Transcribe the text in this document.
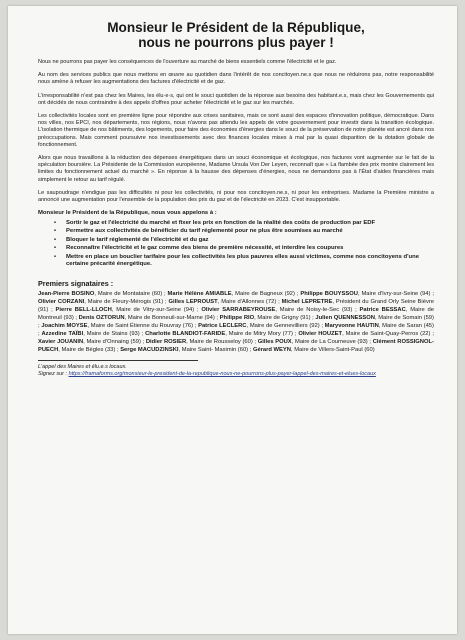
Monsieur le Président de la République,
nous ne pourrons plus payer !

Nous ne pourrons pas payer les conséquences de l'ouverture au marché de biens essentiels comme l'électricité et le gaz.

Au nom des services publics que nous mettons en œuvre au quotidien dans l'intérêt de nos concitoyen.ne.s que nous ne réduirons pas, notre responsabilité nous amène à refuser les augmentations des factures d'électricité et de gaz.

L'irresponsabilité n'est pas chez les Maires, les élu·e·s, qui ont le souci quotidien de la réponse aux besoins des habitant.e.s, mais chez les Gouvernements qui ont décidés de nous contraindre à des appels d'offres pour acheter l'électricité et le gaz sur les marchés.

Les collectivités locales sont en première ligne pour répondre aux crises sanitaires, mais ce sont aussi des espaces d'innovation politique, démocratique. Dans nos villes, nos EPCI, nos départements, nos régions, nous n'avons pas attendu les appels de votre gouvernement pour investir dans la transition écologique. L'isolation thermique de nos bâtiments, des logements, pour faire des économies d'énergies dans le souci de la préservation de notre planète est ancré dans nos préoccupations. Mais comment poursuivre nos investissements avec des finances locales mises à mal par la quasi disparition de la dotation globale de fonctionnement.

Alors que nous travaillons à la réduction des dépenses énergétiques dans un souci économique et écologique, nos factures vont augmenter sur le fait de la spéculation boursière. La Présidente de la Commission européenne, Madame Ursula Von Der Leyen, reconnaît que « La flambée des prix montre clairement les limites du fonctionnement actuel du marché ». En réponse à la hausse des dépenses d'énergies, nous ne demandons pas à l'État d'aides financières mais simplement le retour au tarif régulé.

Le saupoudrage n'endigue pas les difficultés ni pour les collectivités, ni pour nos concitoyen.ne.s, ni pour les entreprises. Madame la Première ministre a annoncé une augmentation pour l'ensemble de la population des prix du gaz et de l'électricité en 2023. C'est insupportable.

Monsieur le Président de la République, nous vous appelons à :
• Sortir le gaz et l'électricité du marché et fixer les prix en fonction de la réalité des coûts de production par EDF
• Permettre aux collectivités de bénéficier du tarif réglementé pour ne plus être soumises au marché
• Bloquer le tarif réglementé de l'électricité et du gaz
• Reconnaître l'électricité et le gaz comme des biens de première nécessité, et interdire les coupures
• Mettre en place un bouclier tarifaire pour les collectivités les plus pauvres elles aussi victimes, comme nos concitoyens d'une certaine précarité énergétique.
Premiers signataires :
Jean-Pierre BOSINO, Maire de Montataire (60) ; Marie Hélène AMIABLE, Maire de Bagneux (92) ; Philippe BOUYSSOU, Maire d'Ivry-sur-Seine (94) ; Olivier CORZANI, Maire de Fleury-Mérogis (91) ; Gilles LEPROUST, Maire d'Allonnes (72) ; Michel LEPRETRE, Président du Grand Orly Seine Bièvre (91) ; Pierre BELL-LLOCH, Maire de Vitry-sur-Seine (94) ; Olivier SARRABEYROUSE, Maire de Noisy-le-Sec (93) ; Patrice BESSAC, Maire de Montreuil (93) ; Denis OZTORUN, Maire de Bonneuil-sur-Marne (94) ; Philippe RIO, Maire de Grigny (91) ; Julien QUENNESSON, Maire de Somain (59) ; Joachim MOYSE, Maire de Saint Étienne du Rouvray (76) ; Patrice LECLERC, Maire de Gennevilliers (92) ; Maryvonne HAUTIN, Maire de Saran (45) ; Azzedine TAÏBI, Maire de Stains (93) ; Charlotte BLANDIOT-FARIDE, Maire de Mitry Mory (77) ; Olivier HOUZET, Maire de Saint-Quay-Perros (22) ; Xavier JOUANIN, Maire d'Onnaing (59) ; Didier ROSIER, Maire de Rousseloy (60) ; Gilles POUX, Maire de La Courneuve (93) ; Clément ROSSIGNOL- PUECH, Maire de Bègles (33) ; Serge MACUDZINSKI, Maire Saint- Maximin (60) ; Gérard WEYN, Maire de Villers-Saint-Paul (60)
L'appel des Maires et élu.e.s locaux.
Signez sur : https://framaforms.org/monsieur-le-president-de-la-republique-nous-ne-pourrons-plus-payer-lappel-des-maires-et-elues-locaux
